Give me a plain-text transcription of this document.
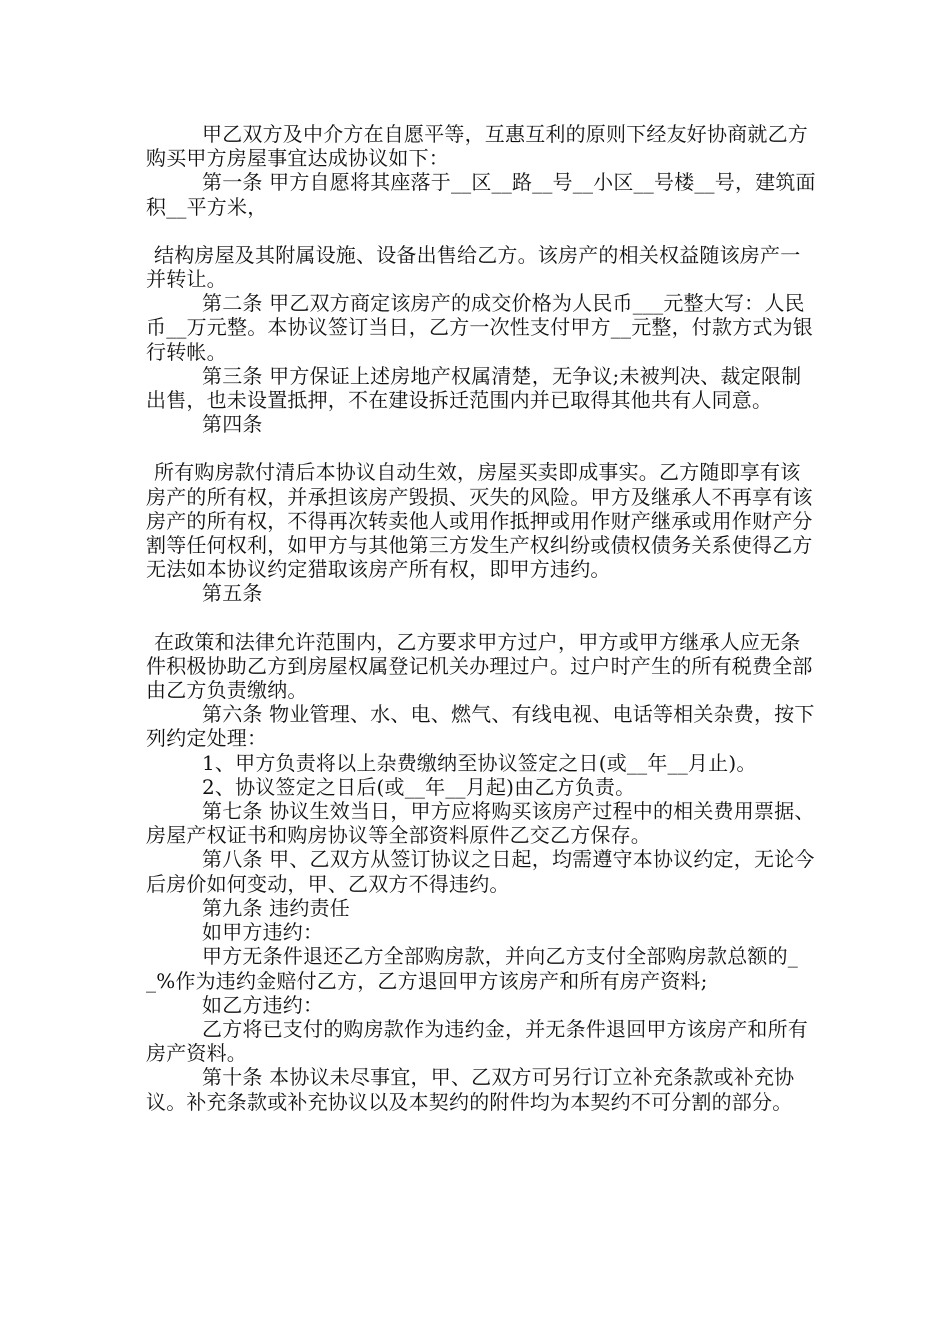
甲乙双方及中介方在自愿平等，互惠互利的原则下经友好协商就乙方购买甲方房屋事宜达成协议如下：

第一条 甲方自愿将其座落于__区__路__号__小区__号楼__号，建筑面积__平方米，

结构房屋及其附属设施、设备出售给乙方。该房产的相关权益随该房产一并转让。

第二条 甲乙双方商定该房产的成交价格为人民币___元整大写：人民币__万元整。本协议签订当日，乙方一次性支付甲方__元整，付款方式为银行转帐。

第三条 甲方保证上述房地产权属清楚，无争议;未被判决、裁定限制出售，也未设置抵押，不在建设拆迁范围内并已取得其他共有人同意。

第四条

所有购房款付清后本协议自动生效，房屋买卖即成事实。乙方随即享有该房产的所有权，并承担该房产毁损、灭失的风险。甲方及继承人不再享有该房产的所有权，不得再次转卖他人或用作抵押或用作财产继承或用作财产分割等任何权利，如甲方与其他第三方发生产权纠纷或债权债务关系使得乙方无法如本协议约定猎取该房产所有权，即甲方违约。

第五条

在政策和法律允许范围内，乙方要求甲方过户，甲方或甲方继承人应无条件积极协助乙方到房屋权属登记机关办理过户。过户时产生的所有税费全部由乙方负责缴纳。

第六条 物业管理、水、电、燃气、有线电视、电话等相关杂费，按下列约定处理：

1、甲方负责将以上杂费缴纳至协议签定之日(或__年__月止)。

2、协议签定之日后(或__年__月起)由乙方负责。

第七条 协议生效当日，甲方应将购买该房产过程中的相关费用票据、房屋产权证书和购房协议等全部资料原件乙交乙方保存。

第八条 甲、乙双方从签订协议之日起，均需遵守本协议约定，无论今后房价如何变动，甲、乙双方不得违约。

第九条 违约责任

如甲方违约：

甲方无条件退还乙方全部购房款，并向乙方支付全部购房款总额的__%作为违约金赔付乙方，乙方退回甲方该房产和所有房产资料;

如乙方违约：

乙方将已支付的购房款作为违约金，并无条件退回甲方该房产和所有房产资料。

第十条 本协议未尽事宜，甲、乙双方可另行订立补充条款或补充协议。补充条款或补充协议以及本契约的附件均为本契约不可分割的部分。
